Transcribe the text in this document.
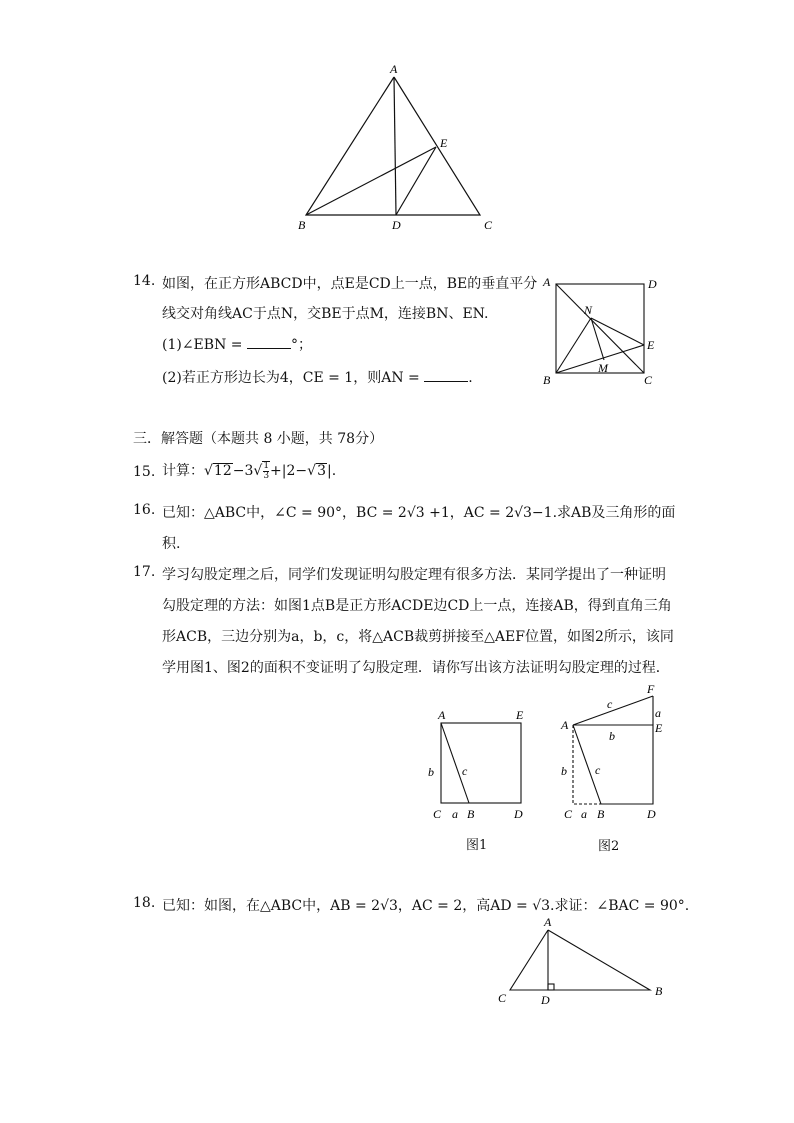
A
B	D	C
E
14. 如图，在正方形ABCD中，点E是CD上一点，BE的垂直平分
线交对角线AC于点N，交BE于点M，连接BN、EN.
(1)∠EBN =	°；
(2)若正方形边长为4，CE = 1，则AN =	.
A	D
B	C
E
N
M
三．解答题（本题共 8 小题，共 78分）
15. 计算：$√12-3√ \frac{1}{3} +|2-√3|$.
16. 已知：△ABC中，∠C = 90°，BC = 2√3 +1，AC = 2√3−1.求AB及三角形的面
积.
17. 学习勾股定理之后，同学们发现证明勾股定理有很多方法．某同学提出了一种证明
勾股定理的方法：如图1点B是正方形ACDE边CD上一点，连接AB，得到直角三角
形ACB，三边分别为a，b，c，将△ACB裁剪拼接至△AEF位置，如图2所示，该同
学用图1、图2的面积不变证明了勾股定理．请你写出该方法证明勾股定理的过程．
A	E
C a B	D
b c
图1
F
A	E
c
a
b
b c
C a B	D
图2
18. 已知：如图，在△ABC中，AB = 2√3，AC = 2，高AD = √3.求证：∠BAC = 90°.
A
C	D
B
